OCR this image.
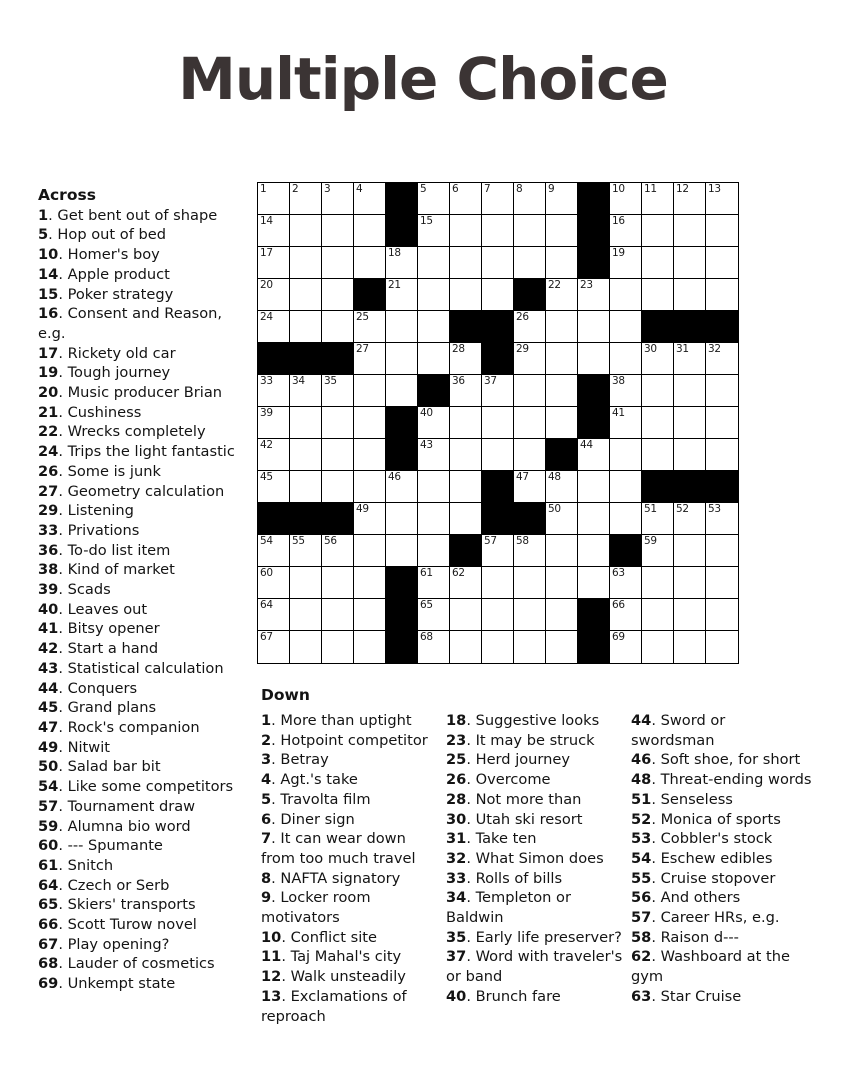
Multiple Choice
Across
1. Get bent out of shape
5. Hop out of bed
10. Homer's boy
14. Apple product
15. Poker strategy
16. Consent and Reason, e.g.
17. Rickety old car
19. Tough journey
20. Music producer Brian
21. Cushiness
22. Wrecks completely
24. Trips the light fantastic
26. Some is junk
27. Geometry calculation
29. Listening
33. Privations
36. To-do list item
38. Kind of market
39. Scads
40. Leaves out
41. Bitsy opener
42. Start a hand
43. Statistical calculation
44. Conquers
45. Grand plans
47. Rock's companion
49. Nitwit
50. Salad bar bit
54. Like some competitors
57. Tournament draw
59. Alumna bio word
60. --- Spumante
61. Snitch
64. Czech or Serb
65. Skiers' transports
66. Scott Turow novel
67. Play opening?
68. Lauder of cosmetics
69. Unkempt state
1 2 3 4	5 6 7 8 9	10 11 12 13
14	15	16
17	18	19
20	21	22 23
24	25	26
27	28	29	30 31 32
33 34 35	36 37	38
39	40	41
42	43	44
45	46	47 48
49	50	51 52 53
54 55 56	57 58	59
60	61 62	63
64	65	66
67	68	69
Down
1. More than uptight
2. Hotpoint competitor
3. Betray
4. Agt.'s take
5. Travolta film
6. Diner sign
7. It can wear down from too much travel
8. NAFTA signatory
9. Locker room motivators
10. Conflict site
11. Taj Mahal's city
12. Walk unsteadily
13. Exclamations of reproach
18. Suggestive looks
23. It may be struck
25. Herd journey
26. Overcome
28. Not more than
30. Utah ski resort
31. Take ten
32. What Simon does
33. Rolls of bills
34. Templeton or Baldwin
35. Early life preserver?
37. Word with traveler's or band
40. Brunch fare
44. Sword or swordsman
46. Soft shoe, for short
48. Threat-ending words
51. Senseless
52. Monica of sports
53. Cobbler's stock
54. Eschew edibles
55. Cruise stopover
56. And others
57. Career HRs, e.g.
58. Raison d---
62. Washboard at the gym
63. Star Cruise
